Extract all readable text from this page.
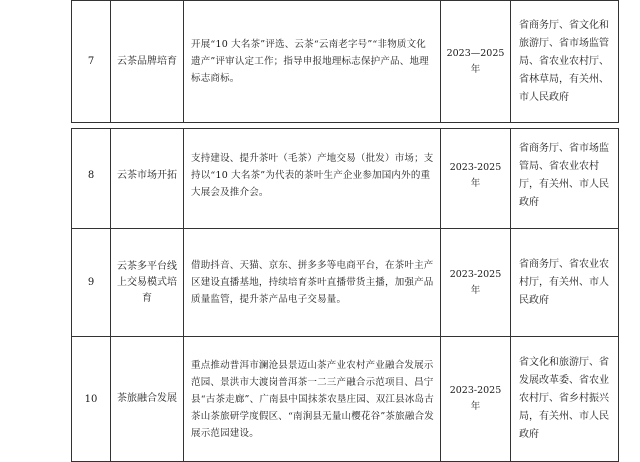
7	云茶品牌培育	开展“10 大名茶”评选、云茶“云南老字号”“非物质文化遗产”评审认定工作；指导申报地理标志保护产品、地理标志商标。	2023—2025 年	省商务厅、省文化和旅游厅、省市场监管局、省农业农村厅、省林草局，有关州、市人民政府
8	云茶市场开拓	支持建设、提升茶叶（毛茶）产地交易（批发）市场；支持以“10 大名茶”为代表的茶叶生产企业参加国内外的重大展会及推介会。	2023-2025 年	省商务厅、省市场监管局、省农业农村厅，有关州、市人民政府
9	云茶多平台线上交易模式培育	借助抖音、天猫、京东、拼多多等电商平台，在茶叶主产区建设直播基地，持续培育茶叶直播带货主播，加强产品质量监管，提升茶产品电子交易量。	2023-2025 年	省商务厅、省农业农村厅，有关州、市人民政府
10	茶旅融合发展	重点推动普洱市澜沧县景迈山茶产业农村产业融合发展示范园、景洪市大渡岗普洱茶一二三产融合示范项目、昌宁县“古茶走廊”、广南县中国抹茶农垦庄园、双江县冰岛古茶山茶旅研学度假区、“南涧县无量山樱花谷”茶旅融合发展示范园建设。	2023-2025 年	省文化和旅游厅、省发展改革委、省农业农村厅、省乡村振兴局，有关州、市人民政府
